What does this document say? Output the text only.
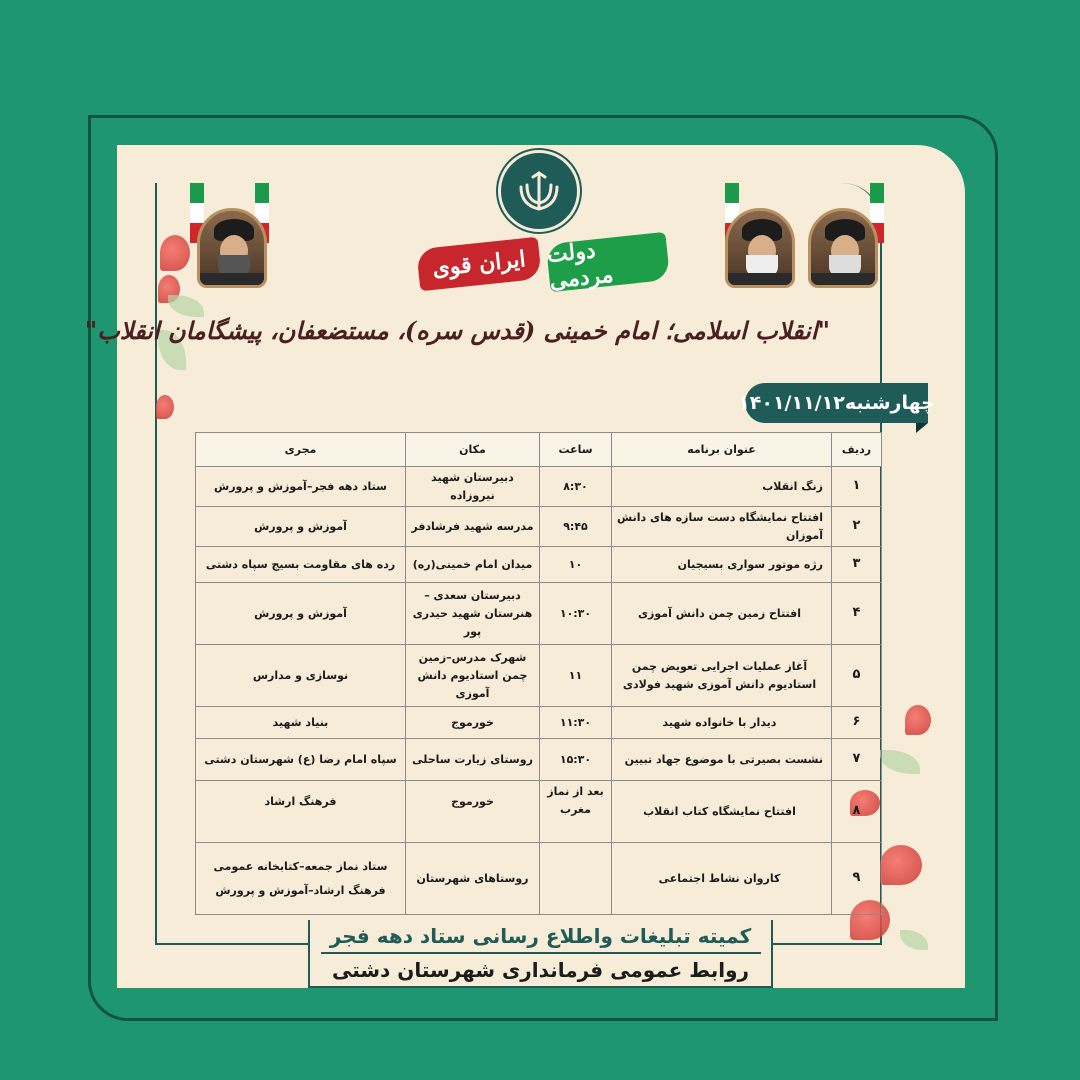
ایران قوی دولت مردمی
"انقلاب اسلامی؛ امام خمینی (قدس سره)، مستضعفان، پیشگامان انقلاب"
چهارشنبه۱۴۰۱/۱۱/۱۲
ردیف	عنوان برنامه	ساعت	مکان	مجری
۱	زنگ انقلاب	۸:۳۰	دبیرستان شهید نیروزاده	ستاد دهه فجر–آموزش و پرورش
۲	افتتاح نمایشگاه دست سازه های دانش آموزان	۹:۴۵	مدرسه شهید فرشادفر	آموزش و پرورش
۳	رژه موتور سواری بسیجیان	۱۰	میدان امام خمینی(ره)	رده های مقاومت بسیج سپاه دشتی
۴	افتتاح زمین چمن دانش آموزی	۱۰:۳۰	دبیرستان سعدی – هنرستان شهید حیدری پور	آموزش و پرورش
۵	آغاز عملیات اجرایی تعویض چمن استادیوم دانش آموزی شهید فولادی	۱۱	شهرک مدرس–زمین چمن استادیوم دانش آموزی	نوسازی و مدارس
۶	دیدار با خانواده شهید	۱۱:۳۰	خورموج	بنیاد شهید
۷	نشست بصیرتی با موضوع جهاد تبیین	۱۵:۳۰	روستای زیارت ساحلی	سپاه امام رضا (ع) شهرستان دشتی
۸	افتتاح نمایشگاه کتاب انقلاب	بعد از نماز مغرب	خورموج	فرهنگ ارشاد
۹	کاروان نشاط اجتماعی		روستاهای شهرستان	ستاد نماز جمعه–کتابخانه عمومی
فرهنگ ارشاد–آموزش و پرورش
کمیته تبلیغات واطلاع رسانی ستاد دهه فجر
روابط عمومی فرمانداری شهرستان دشتی
